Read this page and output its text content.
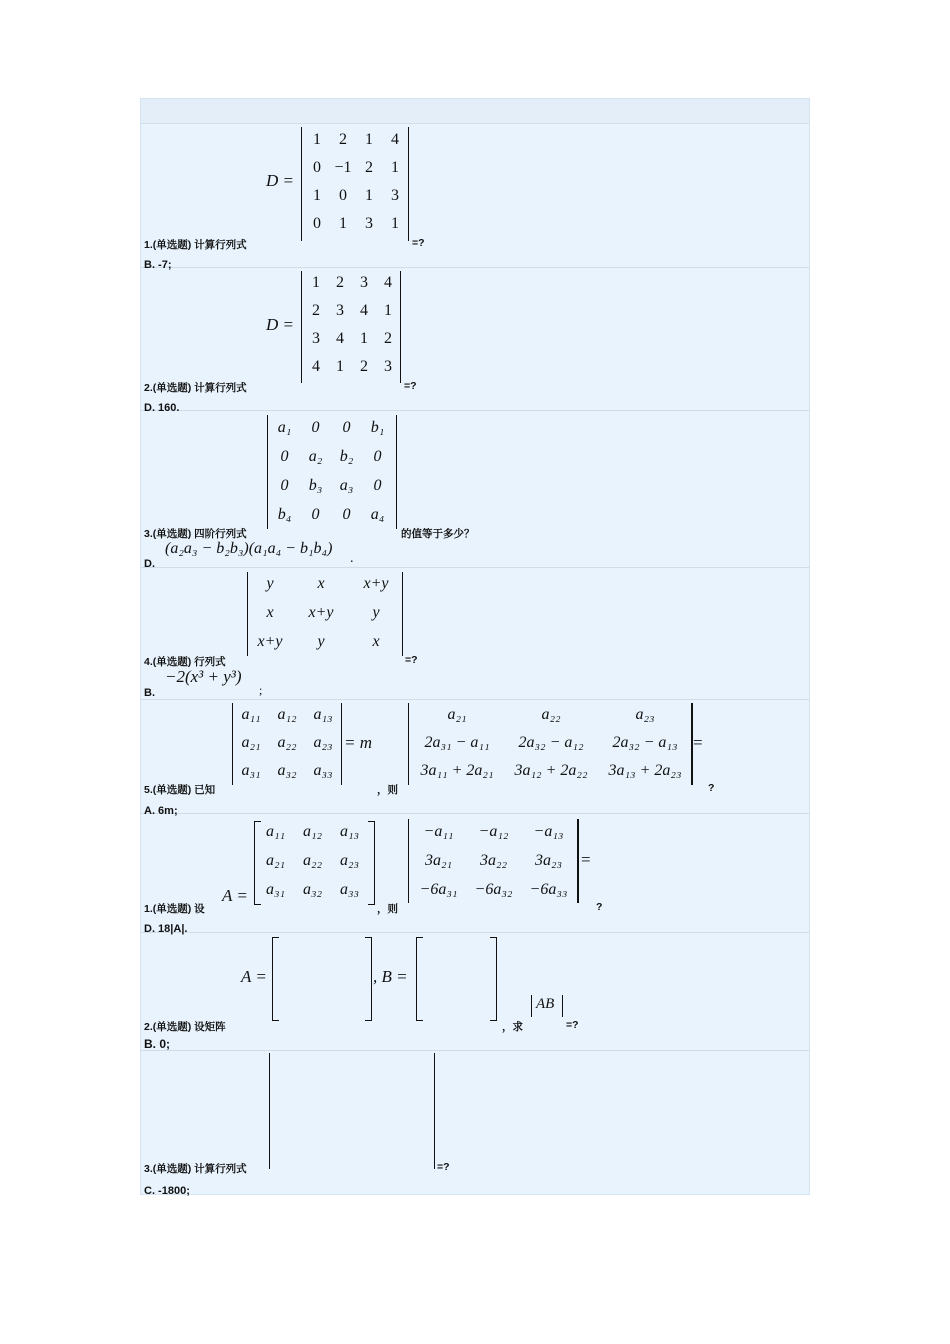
D =
1	2	1	4
0 −1 2	1
1	0	1	3
0	1	3	1
1.(单选题) 计算行列式	=?
B. -7;
D =
1	2	3	4
2	3	4	1
3	4	1	2
4	1	2	3
2.(单选题) 计算行列式	=?
D. 160.
a₁	0	0	b₁
0	a₂	b₂	0
0	b₃	a₃	0
b₄	0	0	a₄
3.(单选题) 四阶行列式	的值等于多少？
D.
(a₂a₃ − b₂b₃)(a₁a₄ − b₁b₄)
.
y	x	x+y
x	x+y	y
x+y	y	x
4.(单选题) 行列式	=?
B.
−2(x³ + y³)
;
a₁₁	a₁₂	a₁₃
a₂₁	a₂₂	a₂₃
a₃₁	a₃₂	a₃₃
= m
a₂₁	a₂₂	a₂₃
2a₃₁ − a₁₁	2a₃₂ − a₁₂	2a₃₂ − a₁₃
3a₁₁ + 2a₂₁	3a₁₂ + 2a₂₂	3a₁₃ + 2a₂₃
=
5.(单选题) 已知	，则	?
A. 6m;
A =
a₁₁	a₁₂	a₁₃
a₂₁	a₂₂	a₂₃
a₃₁	a₃₂	a₃₃
−a₁₁	−a₁₂	−a₁₃
3a₂₁	3a₂₂	3a₂₃
−6a₃₁	−6a₃₂	−6a₃₃
=
1.(单选题) 设	，则	?
D. 18|A|.
A =	, B =
AB
2.(单选题) 设矩阵	，求	=?
B. 0;
3.(单选题) 计算行列式	=?
C. -1800;
